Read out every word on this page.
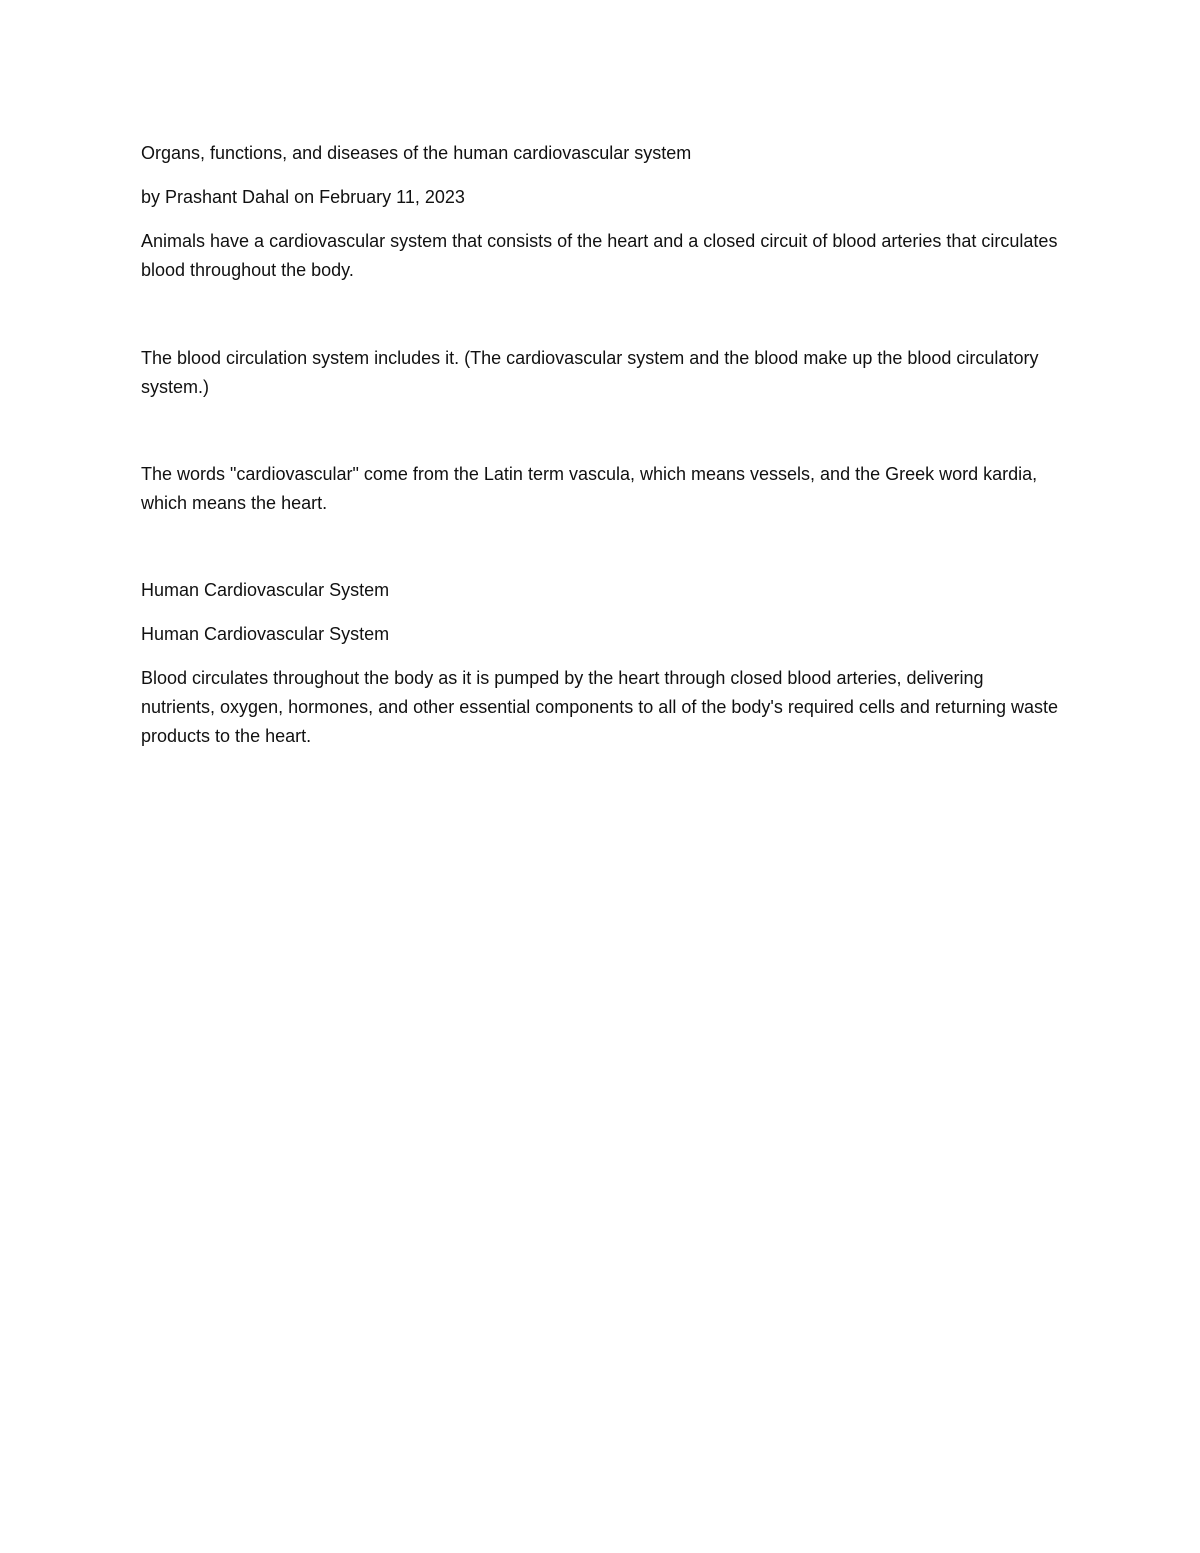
Organs, functions, and diseases of the human cardiovascular system

by Prashant Dahal on February 11, 2023

Animals have a cardiovascular system that consists of the heart and a closed circuit of blood arteries that circulates blood throughout the body.

The blood circulation system includes it. (The cardiovascular system and the blood make up the blood circulatory system.)

The words "cardiovascular" come from the Latin term vascula, which means vessels, and the Greek word kardia, which means the heart.

Human Cardiovascular System

Human Cardiovascular System

Blood circulates throughout the body as it is pumped by the heart through closed blood arteries, delivering nutrients, oxygen, hormones, and other essential components to all of the body's required cells and returning waste products to the heart.
